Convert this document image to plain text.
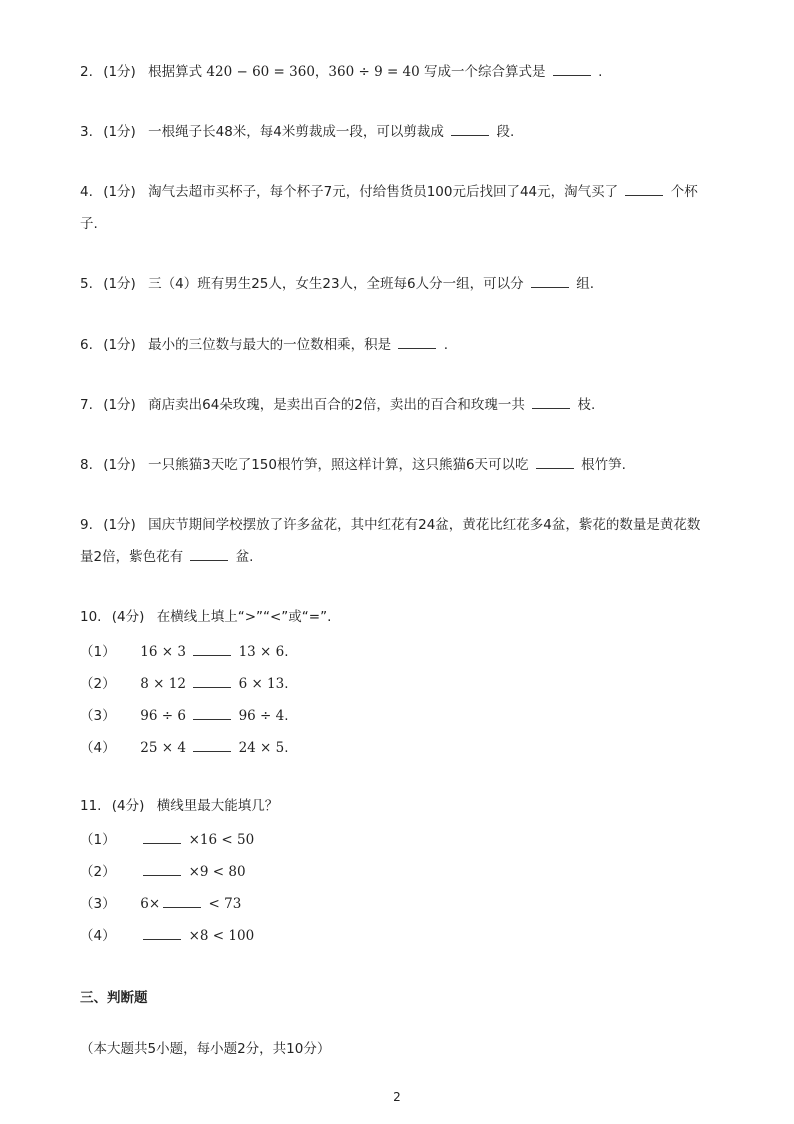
2. (1分) 根据算式 420 − 60 = 360，360 ÷ 9 = 40 写成一个综合算式是	.
3. (1分) 一根绳子长48米，每4米剪裁成一段，可以剪裁成	段.
4. (1分) 淘气去超市买杯子，每个杯子7元，付给售货员100元后找回了44元，淘气买了	个杯子.
5. (1分) 三（4）班有男生25人，女生23人，全班每6人分一组，可以分	组.
6. (1分) 最小的三位数与最大的一位数相乘，积是	.
7. (1分) 商店卖出64朵玫瑰，是卖出百合的2倍，卖出的百合和玫瑰一共	枝.
8. (1分) 一只熊猫3天吃了150根竹笋，照这样计算，这只熊猫6天可以吃	根竹笋.
9. (1分) 国庆节期间学校摆放了许多盆花，其中红花有24盆，黄花比红花多4盆，紫花的数量是黄花数量2倍，紫色花有	盆.
10. (4分) 在横线上填上“>”“<”或“=”.
（1） 16 × 3	13 × 6.
（2） 8 × 12	6 × 13.
（3） 96 ÷ 6	96 ÷ 4.
（4） 25 × 4	24 × 5.
11. (4分) 横线里最大能填几？
（1）	×16 < 50
（2）	×9 < 80
（3） 6×	< 73
（4）	×8 < 100
三、判断题
（本大题共5小题，每小题2分，共10分）
2
